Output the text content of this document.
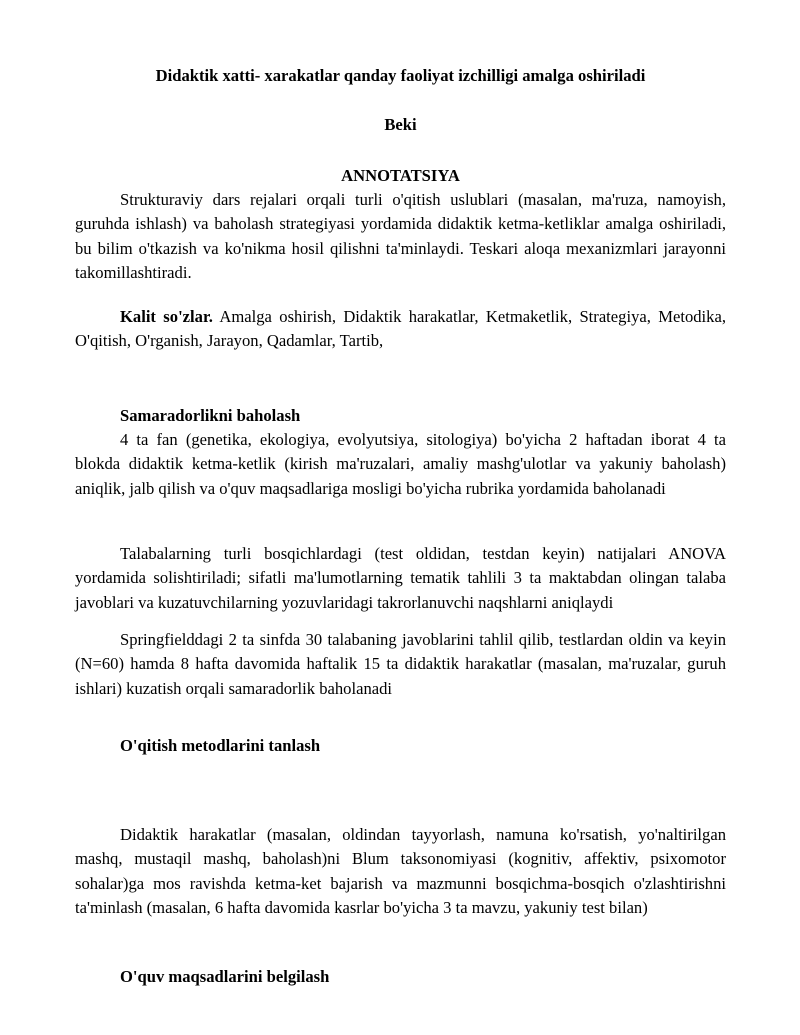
Didaktik xatti- xarakatlar qanday faoliyat izchilligi amalga oshiriladi

Beki

ANNOTATSIYA

Strukturaviy dars rejalari orqali turli o'qitish uslublari (masalan, ma'ruza, namoyish, guruhda ishlash) va baholash strategiyasi yordamida didaktik ketma-ketliklar amalga oshiriladi, bu bilim o'tkazish va ko'nikma hosil qilishni ta'minlaydi. Teskari aloqa mexanizmlari jarayonni takomillashtiradi.

Kalit so'zlar. Amalga oshirish, Didaktik harakatlar, Ketmaketlik, Strategiya, Metodika, O'qitish, O'rganish, Jarayon, Qadamlar, Tartib,

Samaradorlikni baholash

4 ta fan (genetika, ekologiya, evolyutsiya, sitologiya) bo'yicha 2 haftadan iborat 4 ta blokda didaktik ketma-ketlik (kirish ma'ruzalari, amaliy mashg'ulotlar va yakuniy baholash) aniqlik, jalb qilish va o'quv maqsadlariga mosligi bo'yicha rubrika yordamida baholanadi

Talabalarning turli bosqichlardagi (test oldidan, testdan keyin) natijalari ANOVA yordamida solishtiriladi; sifatli ma'lumotlarning tematik tahlili 3 ta maktabdan olingan talaba javoblari va kuzatuvchilarning yozuvlaridagi takrorlanuvchi naqshlarni aniqlaydi

Springfielddagi 2 ta sinfda 30 talabaning javoblarini tahlil qilib, testlardan oldin va keyin (N=60) hamda 8 hafta davomida haftalik 15 ta didaktik harakatlar (masalan, ma'ruzalar, guruh ishlari) kuzatish orqali samaradorlik baholanadi

O'qitish metodlarini tanlash

Didaktik harakatlar (masalan, oldindan tayyorlash, namuna ko'rsatish, yo'naltirilgan mashq, mustaqil mashq, baholash)ni Blum taksonomiyasi (kognitiv, affektiv, psixomotor sohalar)ga mos ravishda ketma-ket bajarish va mazmunni bosqichma-bosqich o'zlashtirishni ta'minlash (masalan, 6 hafta davomida kasrlar bo'yicha 3 ta mavzu, yakuniy test bilan)

O'quv maqsadlarini belgilash
